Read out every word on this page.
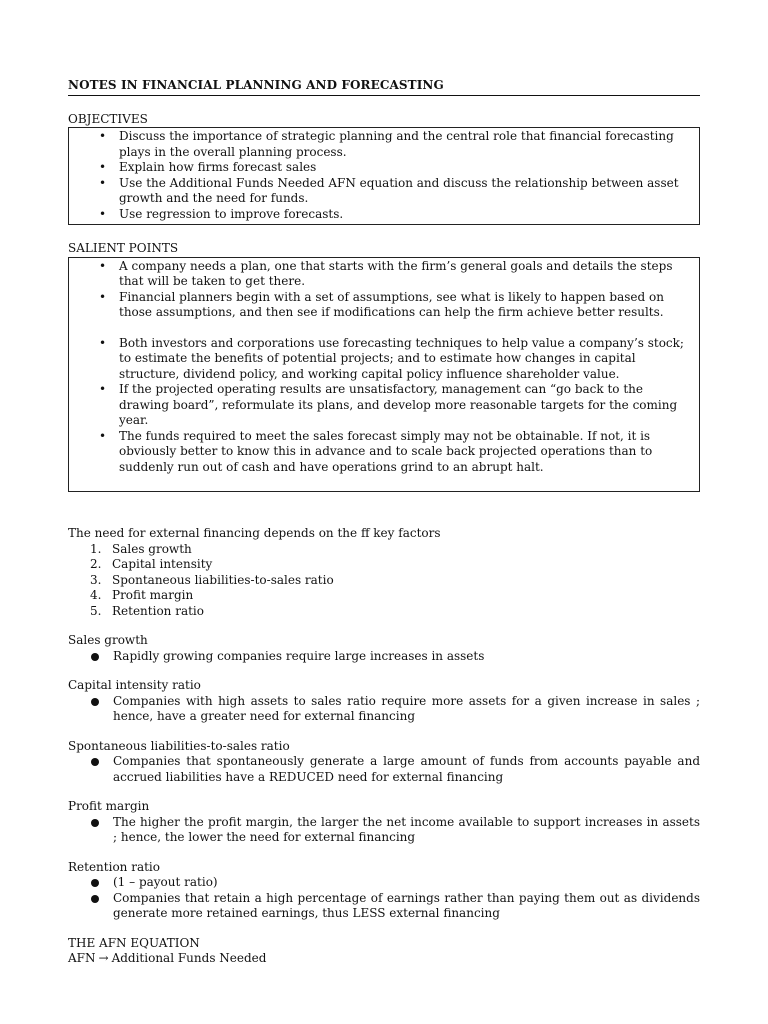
NOTES IN FINANCIAL PLANNING AND FORECASTING
OBJECTIVES
• Discuss the importance of strategic planning and the central role that financial forecasting plays in the overall planning process.
• Explain how firms forecast sales
• Use the Additional Funds Needed AFN equation and discuss the relationship between asset growth and the need for funds.
• Use regression to improve forecasts.
SALIENT POINTS
• A company needs a plan, one that starts with the firm’s general goals and details the steps that will be taken to get there.
• Financial planners begin with a set of assumptions, see what is likely to happen based on those assumptions, and then see if modifications can help the firm achieve better results.
• Both investors and corporations use forecasting techniques to help value a company’s stock; to estimate the benefits of potential projects; and to estimate how changes in capital structure, dividend policy, and working capital policy influence shareholder value.
• If the projected operating results are unsatisfactory, management can “go back to the drawing board”, reformulate its plans, and develop more reasonable targets for the coming year.
• The funds required to meet the sales forecast simply may not be obtainable. If not, it is obviously better to know this in advance and to scale back projected operations than to suddenly run out of cash and have operations grind to an abrupt halt.
The need for external financing depends on the ff key factors
Sales growth
Capital intensity
Spontaneous liabilities-to-sales ratio
Profit margin
Retention ratio
Sales growth
Rapidly growing companies require large increases in assets
Capital intensity ratio
Companies with high assets to sales ratio require more assets for a given increase in sales ; hence, have a greater need for external financing
Spontaneous liabilities-to-sales ratio
Companies that spontaneously generate a large amount of funds from accounts payable and accrued liabilities have a REDUCED need for external financing
Profit margin
The higher the profit margin, the larger the net income available to support increases in assets ; hence, the lower the need for external financing
Retention ratio
(1 – payout ratio)
Companies that retain a high percentage of earnings rather than paying them out as dividends generate more retained earnings, thus LESS external financing
THE AFN EQUATION
AFN → Additional Funds Needed
